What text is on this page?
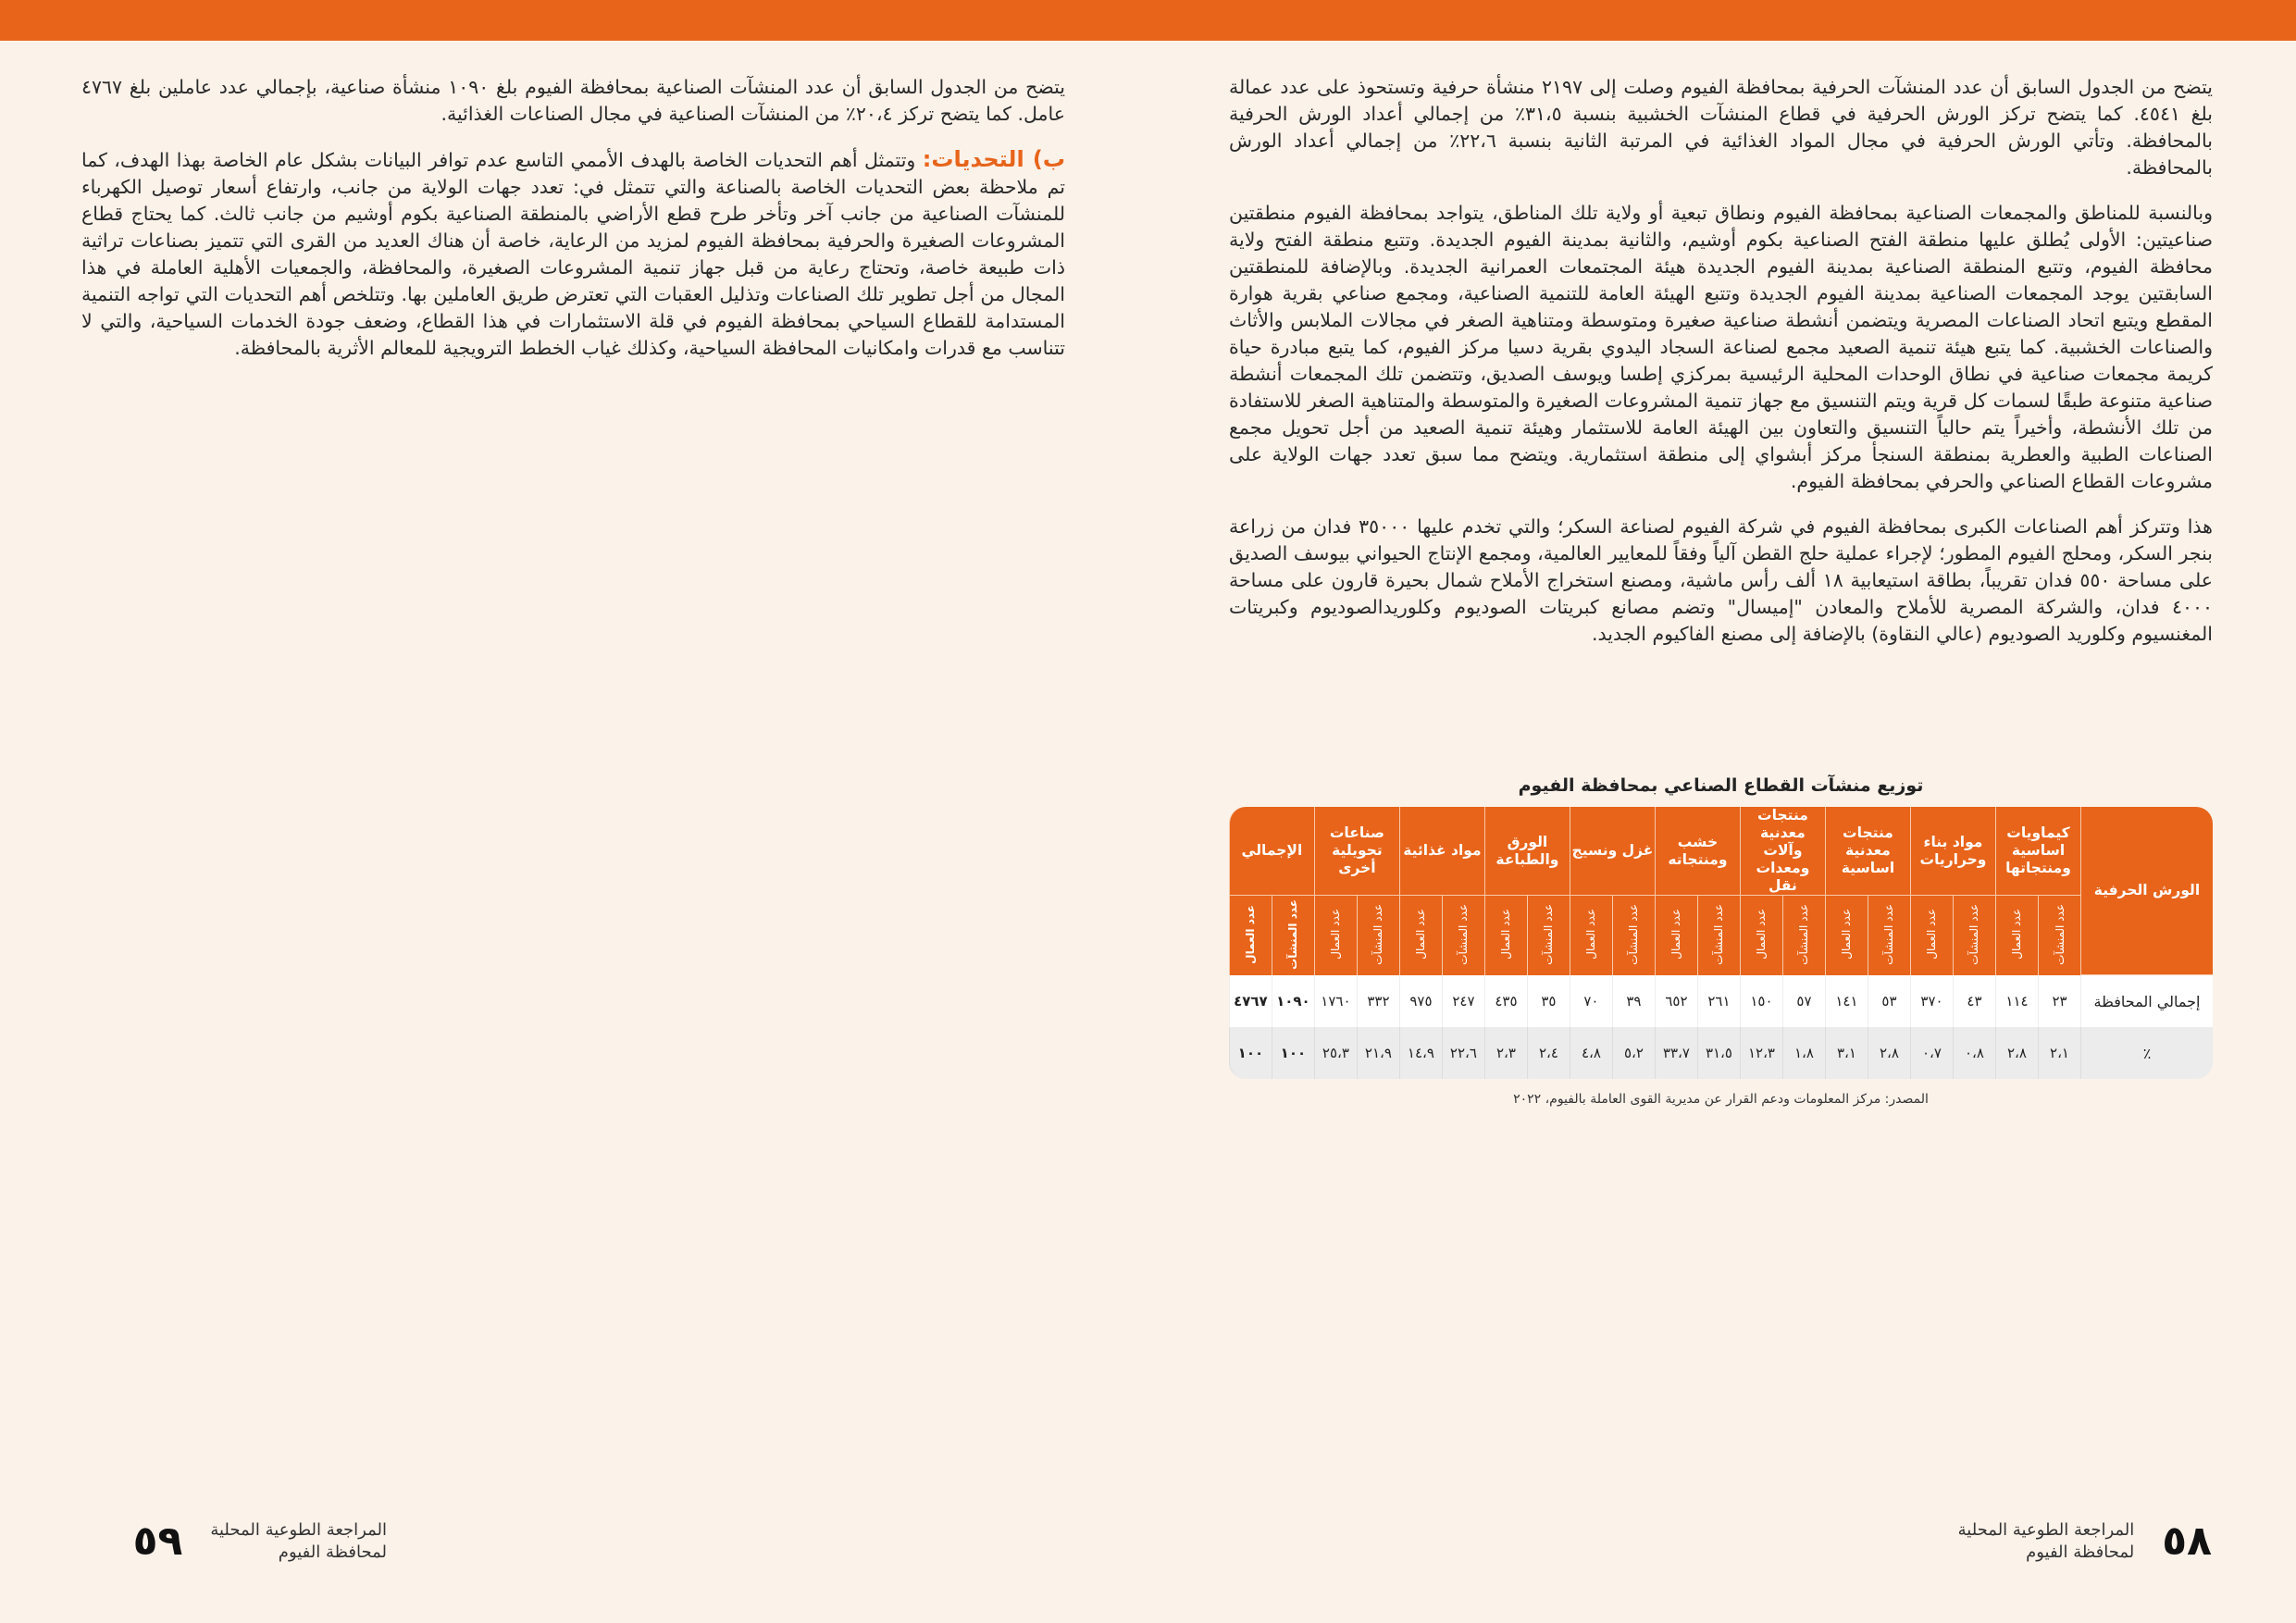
يتضح من الجدول السابق أن عدد المنشآت الحرفية بمحافظة الفيوم وصلت إلى ٢١٩٧ منشأة حرفية وتستحوذ على عدد عمالة بلغ ٤٥٤١. كما يتضح تركز الورش الحرفية في قطاع المنشآت الخشبية بنسبة ٣١،٥٪ من إجمالي أعداد الورش الحرفية بالمحافظة. وتأتي الورش الحرفية في مجال المواد الغذائية في المرتبة الثانية بنسبة ٢٢،٦٪ من إجمالي أعداد الورش بالمحافظة.

وبالنسبة للمناطق والمجمعات الصناعية بمحافظة الفيوم ونطاق تبعية أو ولاية تلك المناطق، يتواجد بمحافظة الفيوم منطقتين صناعيتين: الأولى يُطلق عليها منطقة الفتح الصناعية بكوم أوشيم، والثانية بمدينة الفيوم الجديدة. وتتبع منطقة الفتح ولاية محافظة الفيوم، وتتبع المنطقة الصناعية بمدينة الفيوم الجديدة هيئة المجتمعات العمرانية الجديدة. وبالإضافة للمنطقتين السابقتين يوجد المجمعات الصناعية بمدينة الفيوم الجديدة وتتبع الهيئة العامة للتنمية الصناعية، ومجمع صناعي بقرية هوارة المقطع ويتبع اتحاد الصناعات المصرية ويتضمن أنشطة صناعية صغيرة ومتوسطة ومتناهية الصغر في مجالات الملابس والأثاث والصناعات الخشبية. كما يتبع هيئة تنمية الصعيد مجمع لصناعة السجاد اليدوي بقرية دسيا مركز الفيوم، كما يتبع مبادرة حياة كريمة مجمعات صناعية في نطاق الوحدات المحلية الرئيسية بمركزي إطسا ويوسف الصديق، وتتضمن تلك المجمعات أنشطة صناعية متنوعة طبقًا لسمات كل قرية ويتم التنسيق مع جهاز تنمية المشروعات الصغيرة والمتوسطة والمتناهية الصغر للاستفادة من تلك الأنشطة، وأخيراً يتم حالياً التنسيق والتعاون بين الهيئة العامة للاستثمار وهيئة تنمية الصعيد من أجل تحويل مجمع الصناعات الطبية والعطرية بمنطقة السنجأ مركز أبشواي إلى منطقة استثمارية. ويتضح مما سبق تعدد جهات الولاية على مشروعات القطاع الصناعي والحرفي بمحافظة الفيوم.

هذا وتتركز أهم الصناعات الكبرى بمحافظة الفيوم في شركة الفيوم لصناعة السكر؛ والتي تخدم عليها ٣٥٠٠٠ فدان من زراعة بنجر السكر، ومحلج الفيوم المطور؛ لإجراء عملية حلج القطن آلياً وفقاً للمعايير العالمية، ومجمع الإنتاج الحيواني بيوسف الصديق على مساحة ٥٥٠ فدان تقريباً، بطاقة استيعابية ١٨ ألف رأس ماشية، ومصنع استخراج الأملاح شمال بحيرة قارون على مساحة ٤٠٠٠ فدان، والشركة المصرية للأملاح والمعادن "إميسال" وتضم مصانع كبريتات الصوديوم وكلوريدالصوديوم وكبريتات المغنسيوم وكلوريد الصوديوم (عالي النقاوة) بالإضافة إلى مصنع الفاكيوم الجديد.

توزيع منشآت القطاع الصناعي بمحافظة الفيوم
الورش الحرفية	كيماويات اساسية ومنتجاتها		مواد بناء وحراريات		منتجات معدنية اساسية		منتجات معدنية وآلات ومعدات نقل		خشب ومنتجاته		غزل ونسيج		الورق والطباعة		مواد غذائية		صناعات تحويلية أخرى		الإجمالي	
	عدد المنشآت	عدد العمال	عدد المنشآت	عدد العمال	عدد المنشآت	عدد العمال	عدد المنشآت	عدد العمال	عدد المنشآت	عدد العمال	عدد المنشآت	عدد العمال	عدد المنشآت	عدد العمال	عدد المنشآت	عدد العمال	عدد المنشآت	عدد العمال	عدد المنشآت	عدد العمال
إجمالي المحافظة	٢٣	١١٤	٤٣	٣٧٠	٥٣	١٤١	٥٧	١٥٠	٢٦١	٦٥٢	٣٩	٧٠	٣٥	٤٣٥	٢٤٧	٩٧٥	٣٣٢	١٧٦٠	١٠٩٠	٤٧٦٧
٪	٢،١	٢،٨	٠،٨	٠،٧	٢،٨	٣،١	١،٨	١٢،٣	٣١،٥	٣٣،٧	٥،٢	٤،٨	٢،٤	٢،٣	٢٢،٦	١٤،٩	٢١،٩	٢٥،٣	١٠٠	١٠٠
المصدر: مركز المعلومات ودعم القرار عن مديرية القوى العاملة بالفيوم، ٢٠٢٢
٥٨
المراجعة الطوعية المحلية
لمحافظة الفيوم

يتضح من الجدول السابق أن عدد المنشآت الصناعية بمحافظة الفيوم بلغ ١٠٩٠ منشأة صناعية، بإجمالي عدد عاملين بلغ ٤٧٦٧ عامل. كما يتضح تركز ٢٠،٤٪ من المنشآت الصناعية في مجال الصناعات الغذائية.

ب) التحديات: وتتمثل أهم التحديات الخاصة بالهدف الأممي التاسع عدم توافر البيانات بشكل عام الخاصة بهذا الهدف، كما تم ملاحظة بعض التحديات الخاصة بالصناعة والتي تتمثل في: تعدد جهات الولاية من جانب، وارتفاع أسعار توصيل الكهرباء للمنشآت الصناعية من جانب آخر وتأخر طرح قطع الأراضي بالمنطقة الصناعية بكوم أوشيم من جانب ثالث. كما يحتاج قطاع المشروعات الصغيرة والحرفية بمحافظة الفيوم لمزيد من الرعاية، خاصة أن هناك العديد من القرى التي تتميز بصناعات تراثية ذات طبيعة خاصة، وتحتاج رعاية من قبل جهاز تنمية المشروعات الصغيرة، والمحافظة، والجمعيات الأهلية العاملة في هذا المجال من أجل تطوير تلك الصناعات وتذليل العقبات التي تعترض طريق العاملين بها. وتتلخص أهم التحديات التي تواجه التنمية المستدامة للقطاع السياحي بمحافظة الفيوم في قلة الاستثمارات في هذا القطاع، وضعف جودة الخدمات السياحية، والتي لا تتناسب مع قدرات وامكانيات المحافظة السياحية، وكذلك غياب الخطط الترويجية للمعالم الأثرية بالمحافظة.

٥٩ المراجعة الطوعية المحلية
لمحافظة الفيوم
